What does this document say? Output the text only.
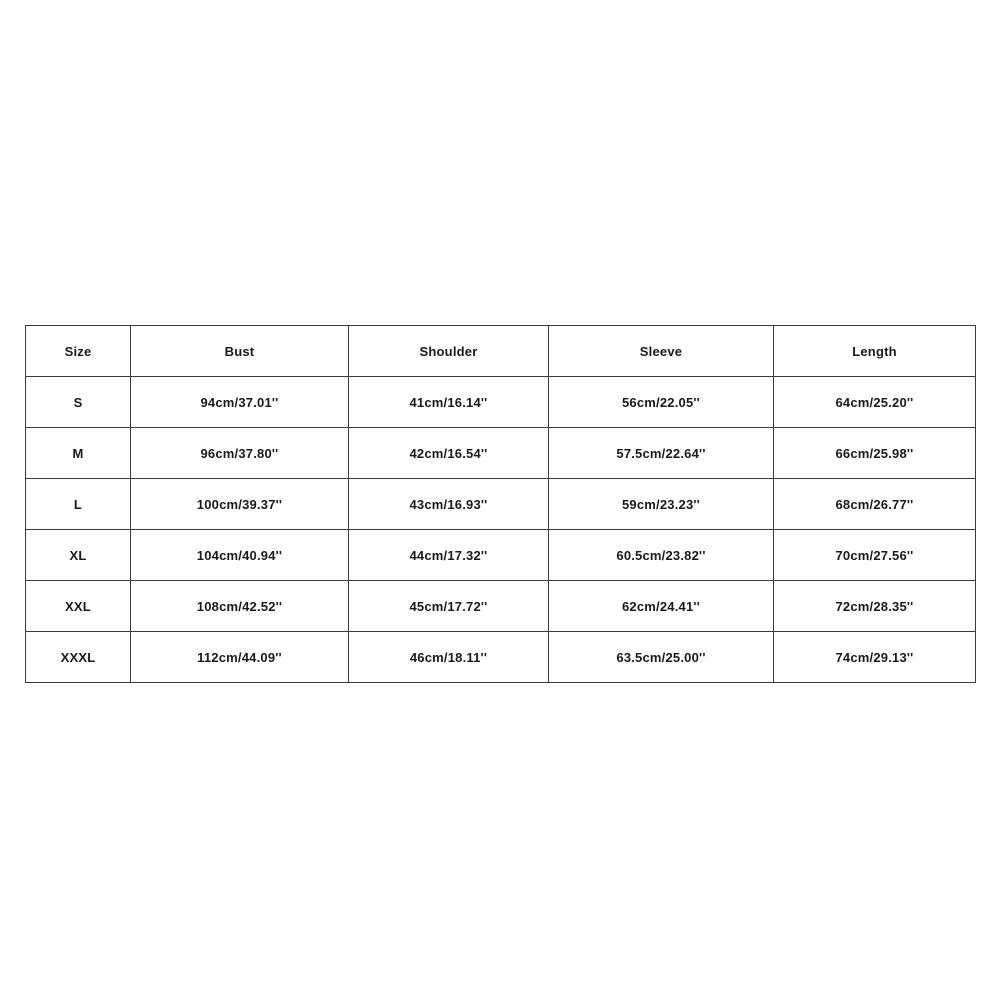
Size	Bust	Shoulder	Sleeve	Length
S	94cm/37.01''	41cm/16.14''	56cm/22.05''	64cm/25.20''
M	96cm/37.80''	42cm/16.54''	57.5cm/22.64''	66cm/25.98''
L	100cm/39.37''	43cm/16.93''	59cm/23.23''	68cm/26.77''
XL	104cm/40.94''	44cm/17.32''	60.5cm/23.82''	70cm/27.56''
XXL	108cm/42.52''	45cm/17.72''	62cm/24.41''	72cm/28.35''
XXXL	112cm/44.09''	46cm/18.11''	63.5cm/25.00''	74cm/29.13''
